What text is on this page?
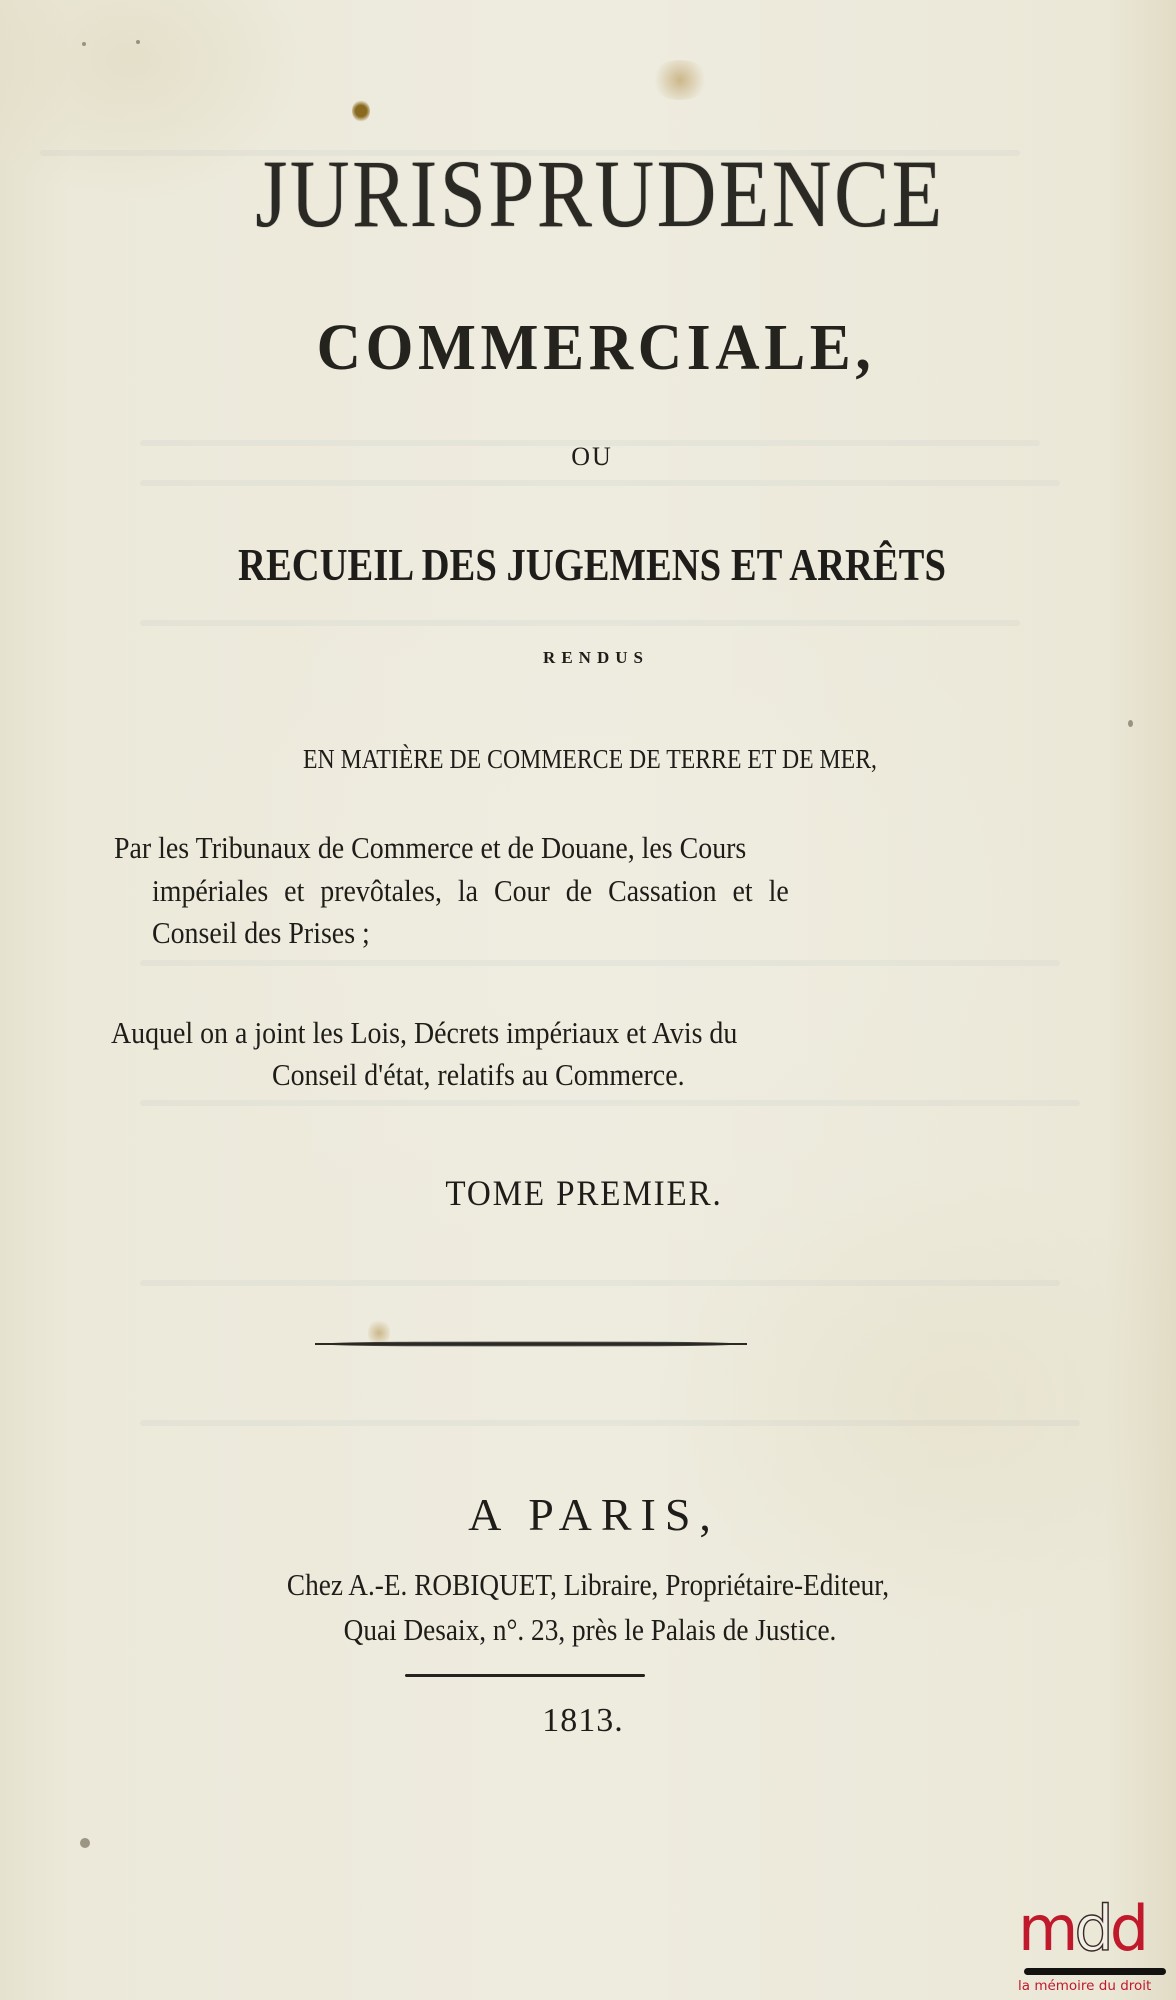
JURISPRUDENCE
COMMERCIALE,
OU
RECUEIL DES JUGEMENS ET ARRÊTS
RENDUS
EN MATIÈRE DE COMMERCE DE TERRE ET DE MER,
Par les Tribunaux de Commerce et de Douane, les Cours
impériales et prevôtales, la Cour de Cassation et le
Conseil des Prises ;
Auquel on a joint les Lois, Décrets impériaux et Avis du
Conseil d'état, relatifs au Commerce.
TOME PREMIER.
A PARIS,
Chez A.-E. ROBIQUET, Libraire, Propriétaire-Editeur,
Quai Desaix, n°. 23, près le Palais de Justice.
1813.
mdd
la mémoire du droit
